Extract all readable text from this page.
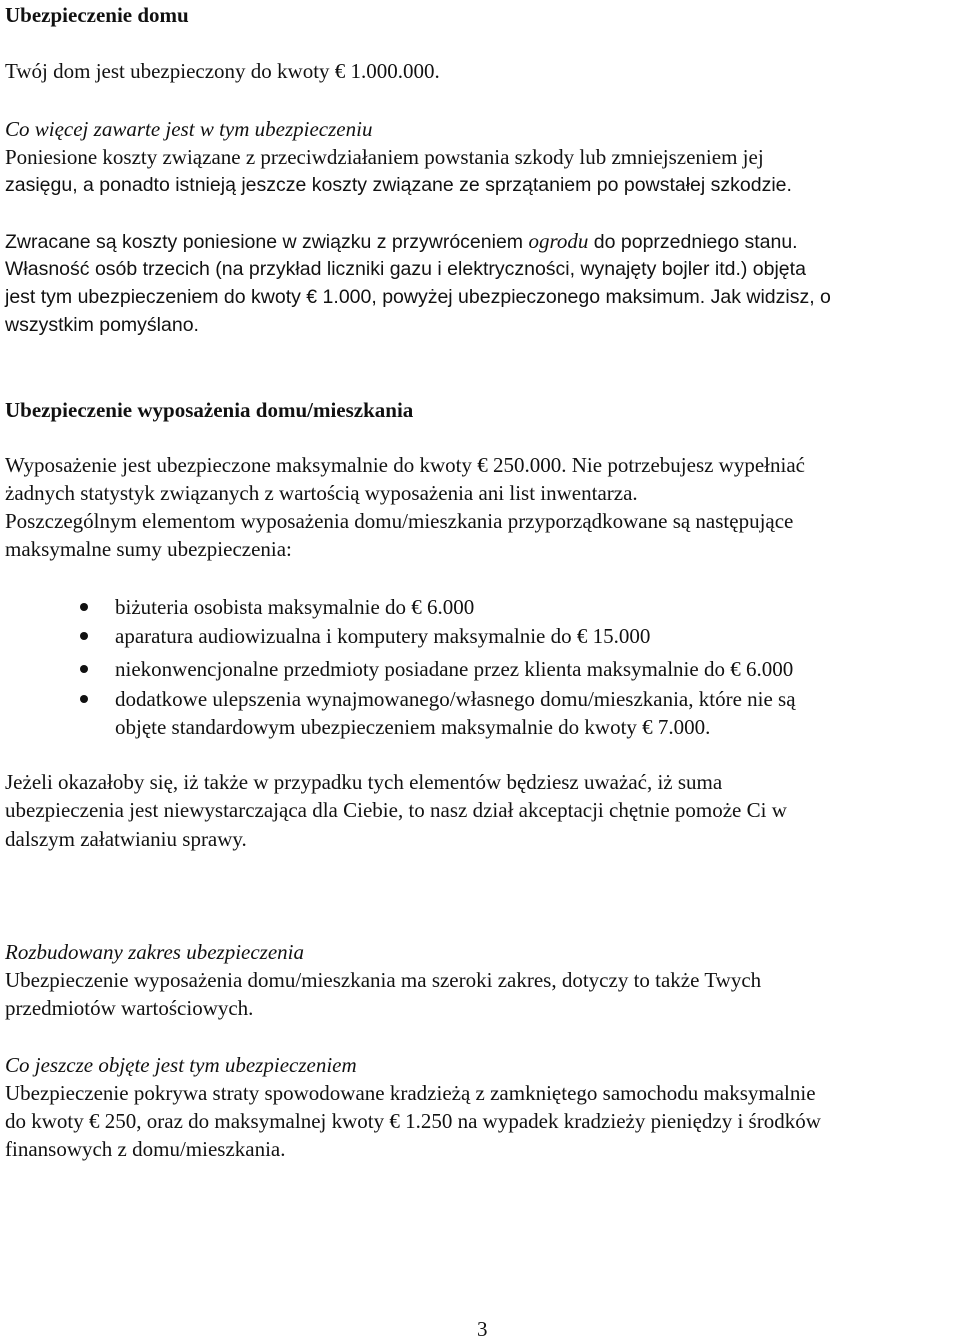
Ubezpieczenie domu
Twój dom jest ubezpieczony do kwoty € 1.000.000.
Co więcej zawarte jest w tym ubezpieczeniu
Poniesione koszty związane z przeciwdziałaniem powstania szkody lub zmniejszeniem jej
zasięgu, a ponadto istnieją jeszcze koszty związane ze sprzątaniem po powstałej szkodzie.
Zwracane są koszty poniesione w związku z przywróceniem ogrodu do poprzedniego stanu.
Własność osób trzecich (na przykład liczniki gazu i elektryczności, wynajęty bojler itd.) objęta
jest tym ubezpieczeniem do kwoty € 1.000, powyżej ubezpieczonego maksimum. Jak widzisz, o
wszystkim pomyślano.
Ubezpieczenie wyposażenia domu/mieszkania
Wyposażenie jest ubezpieczone maksymalnie do kwoty € 250.000. Nie potrzebujesz wypełniać
żadnych statystyk związanych z wartością wyposażenia ani list inwentarza.
Poszczególnym elementom wyposażenia domu/mieszkania przyporządkowane są następujące
maksymalne sumy ubezpieczenia:
biżuteria osobista maksymalnie do € 6.000
aparatura audiowizualna i komputery maksymalnie do € 15.000
niekonwencjonalne przedmioty posiadane przez klienta maksymalnie do € 6.000
dodatkowe ulepszenia wynajmowanego/własnego domu/mieszkania, które nie są
objęte standardowym ubezpieczeniem maksymalnie do kwoty € 7.000.
Jeżeli okazałoby się, iż także w przypadku tych elementów będziesz uważać, iż suma
ubezpieczenia jest niewystarczająca dla Ciebie, to nasz dział akceptacji chętnie pomoże Ci w
dalszym załatwianiu sprawy.
Rozbudowany zakres ubezpieczenia
Ubezpieczenie wyposażenia domu/mieszkania ma szeroki zakres, dotyczy to także Twych
przedmiotów wartościowych.
Co jeszcze objęte jest tym ubezpieczeniem
Ubezpieczenie pokrywa straty spowodowane kradzieżą z zamkniętego samochodu maksymalnie
do kwoty € 250, oraz do maksymalnej kwoty € 1.250 na wypadek kradzieży pieniędzy i środków
finansowych z domu/mieszkania.
3
